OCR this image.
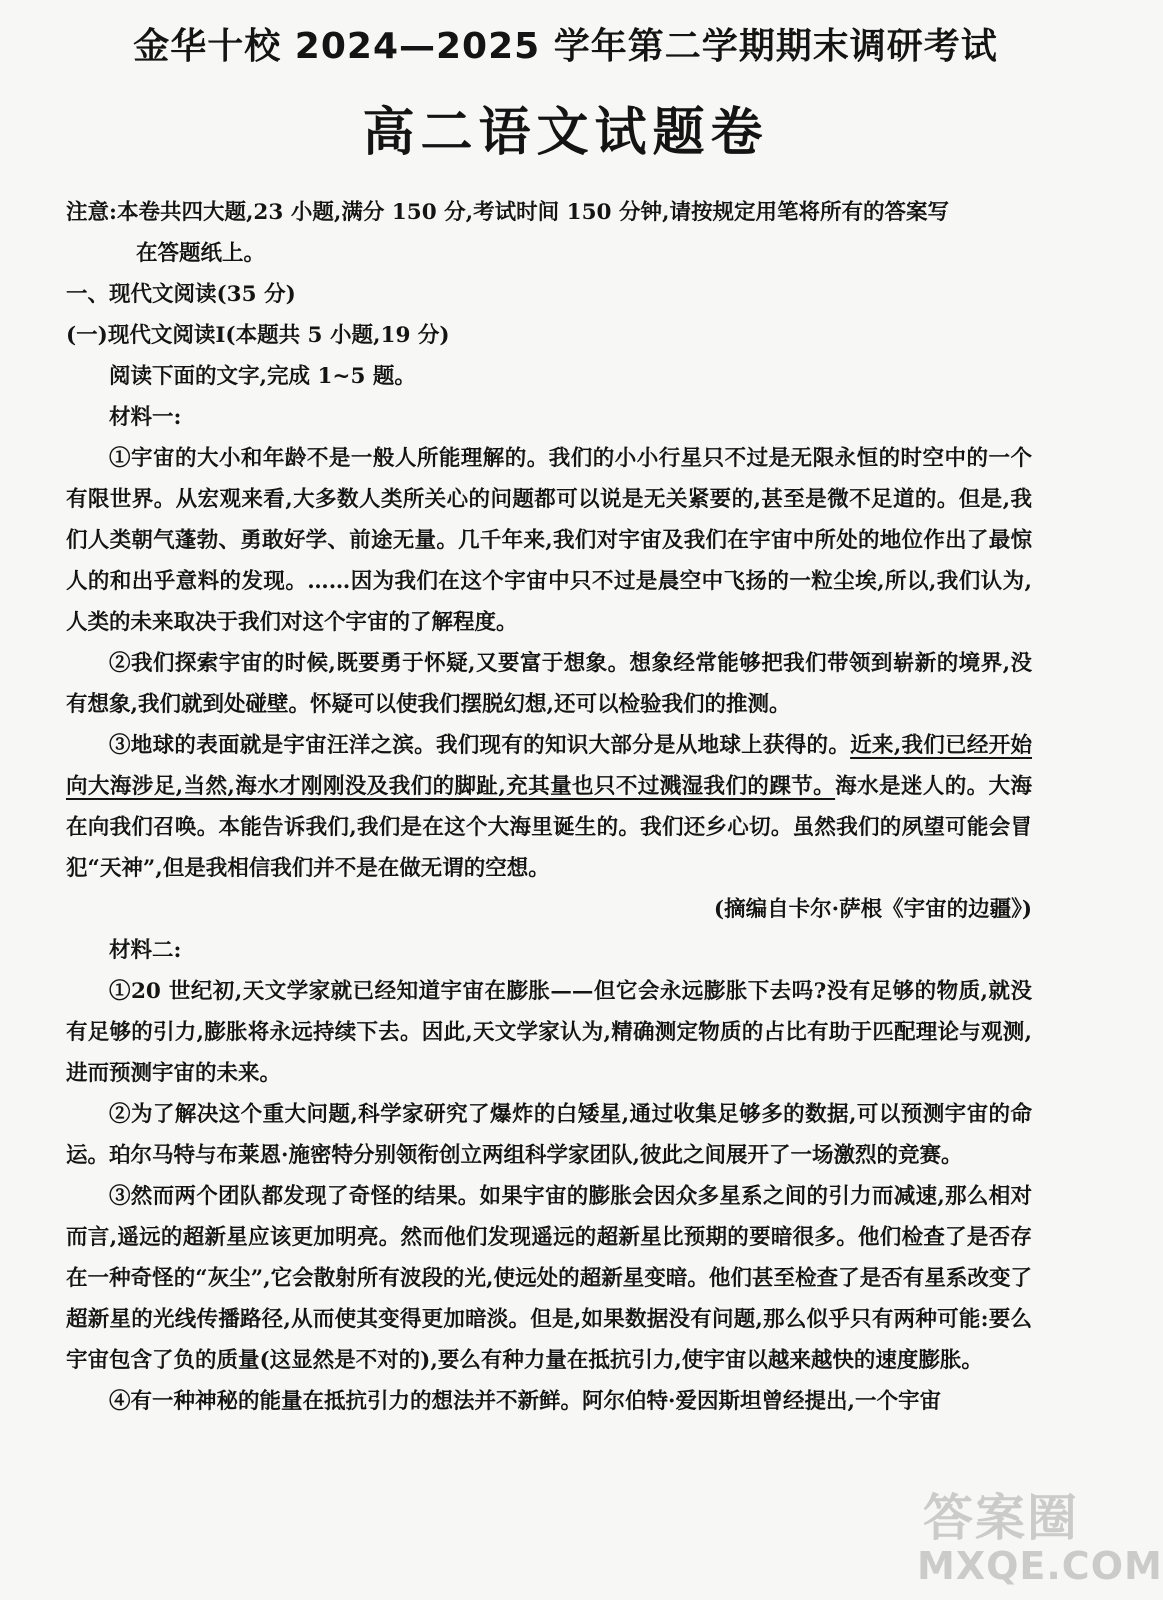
金华十校 2024—2025 学年第二学期期末调研考试
高二语文试题卷

注意:本卷共四大题,23 小题,满分 150 分,考试时间 150 分钟,请按规定用笔将所有的答案写

在答题纸上。

一、现代文阅读(35 分)

(一)现代文阅读Ⅰ(本题共 5 小题,19 分)

阅读下面的文字,完成 1~5 题。

材料一:

①宇宙的大小和年龄不是一般人所能理解的。我们的小小行星只不过是无限永恒的时空中的一个有限世界。从宏观来看,大多数人类所关心的问题都可以说是无关紧要的,甚至是微不足道的。但是,我们人类朝气蓬勃、勇敢好学、前途无量。几千年来,我们对宇宙及我们在宇宙中所处的地位作出了最惊人的和出乎意料的发现。……因为我们在这个宇宙中只不过是晨空中飞扬的一粒尘埃,所以,我们认为,人类的未来取决于我们对这个宇宙的了解程度。

②我们探索宇宙的时候,既要勇于怀疑,又要富于想象。想象经常能够把我们带领到崭新的境界,没有想象,我们就到处碰壁。怀疑可以使我们摆脱幻想,还可以检验我们的推测。

③地球的表面就是宇宙汪洋之滨。我们现有的知识大部分是从地球上获得的。近来,我们已经开始向大海涉足,当然,海水才刚刚没及我们的脚趾,充其量也只不过溅湿我们的踝节。海水是迷人的。大海在向我们召唤。本能告诉我们,我们是在这个大海里诞生的。我们还乡心切。虽然我们的夙望可能会冒犯“天神”,但是我相信我们并不是在做无谓的空想。

(摘编自卡尔·萨根《宇宙的边疆》)

材料二:

①20 世纪初,天文学家就已经知道宇宙在膨胀——但它会永远膨胀下去吗?没有足够的物质,就没有足够的引力,膨胀将永远持续下去。因此,天文学家认为,精确测定物质的占比有助于匹配理论与观测,进而预测宇宙的未来。

②为了解决这个重大问题,科学家研究了爆炸的白矮星,通过收集足够多的数据,可以预测宇宙的命运。珀尔马特与布莱恩·施密特分别领衔创立两组科学家团队,彼此之间展开了一场激烈的竞赛。

③然而两个团队都发现了奇怪的结果。如果宇宙的膨胀会因众多星系之间的引力而减速,那么相对而言,遥远的超新星应该更加明亮。然而他们发现遥远的超新星比预期的要暗很多。他们检查了是否存在一种奇怪的“灰尘”,它会散射所有波段的光,使远处的超新星变暗。他们甚至检查了是否有星系改变了超新星的光线传播路径,从而使其变得更加暗淡。但是,如果数据没有问题,那么似乎只有两种可能:要么宇宙包含了负的质量(这显然是不对的),要么有种力量在抵抗引力,使宇宙以越来越快的速度膨胀。

④有一种神秘的能量在抵抗引力的想法并不新鲜。阿尔伯特·爱因斯坦曾经提出,一个宇宙

答案圈
MXQE.COM
